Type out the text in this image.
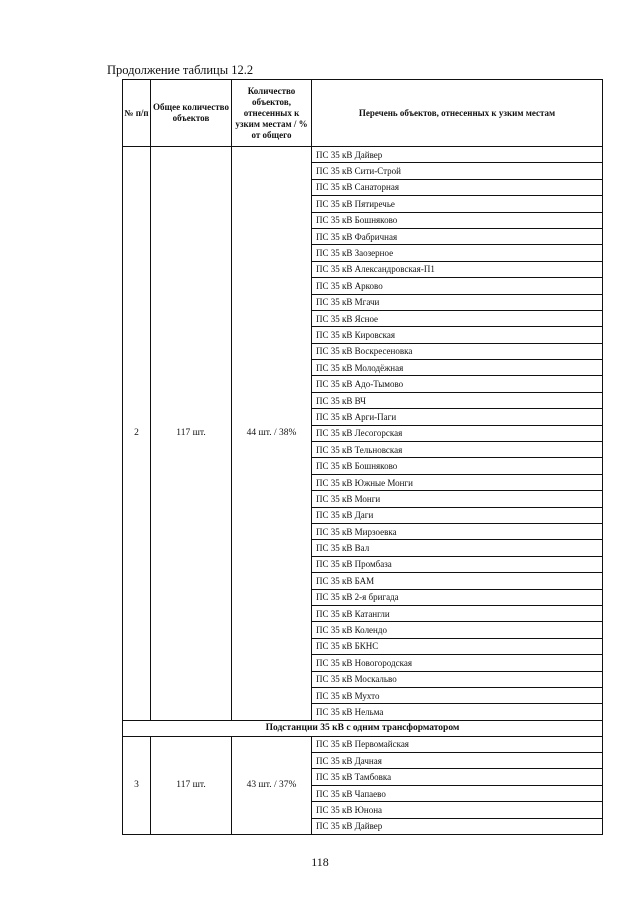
Продолжение таблицы 12.2
№ п/п	Общее количество объектов	Количество объектов, отнесенных к узким местам / % от общего	Перечень объектов, отнесенных к узким местам
2	117 шт.	44 шт. / 38%	ПС 35 кВ Дайвер
			ПС 35 кВ Сити-Строй
			ПС 35 кВ Санаторная
			ПС 35 кВ Пятиречье
			ПС 35 кВ Бошняково
			ПС 35 кВ Фабричная
			ПС 35 кВ Заозерное
			ПС 35 кВ Александровская-П1
			ПС 35 кВ Арково
			ПС 35 кВ Мгачи
			ПС 35 кВ Ясное
			ПС 35 кВ Кировская
			ПС 35 кВ Воскресеновка
			ПС 35 кВ Молодёжная
			ПС 35 кВ Адо-Тымово
			ПС 35 кВ ВЧ
			ПС 35 кВ Арги-Паги
			ПС 35 кВ Лесогорская
			ПС 35 кВ Тельновская
			ПС 35 кВ Бошняково
			ПС 35 кВ Южные Монги
			ПС 35 кВ Монги
			ПС 35 кВ Даги
			ПС 35 кВ Мирзоевка
			ПС 35 кВ Вал
			ПС 35 кВ Промбаза
			ПС 35 кВ БАМ
			ПС 35 кВ 2-я бригада
			ПС 35 кВ Катангли
			ПС 35 кВ Колендо
			ПС 35 кВ БКНС
			ПС 35 кВ Новогородская
			ПС 35 кВ Москальво
			ПС 35 кВ Мухто
			ПС 35 кВ Нельма
Подстанции 35 кВ с одним трансформатором			
3	117 шт.	43 шт. / 37%	ПС 35 кВ Первомайская
			ПС 35 кВ Дачная
			ПС 35 кВ Тамбовка
			ПС 35 кВ Чапаево
			ПС 35 кВ Юнона
			ПС 35 кВ Дайвер
118
